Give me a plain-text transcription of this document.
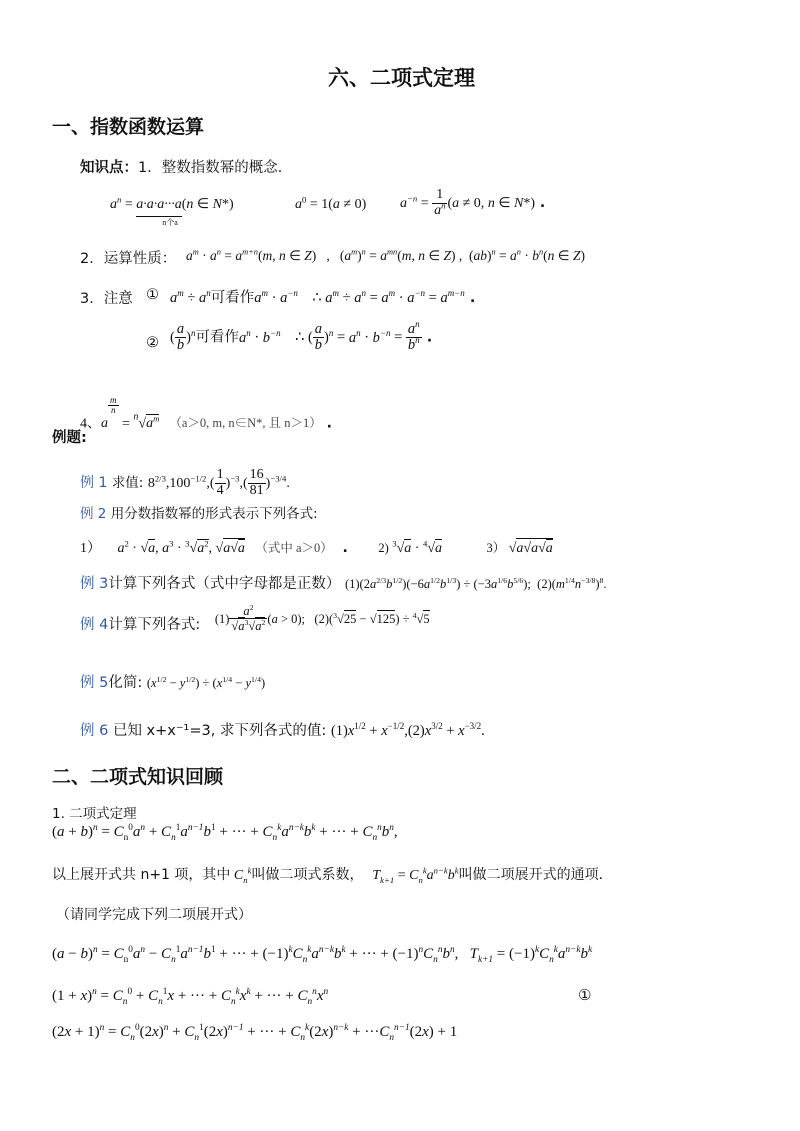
六、二项式定理
一、指数函数运算
知识点：1．整数指数幂的概念．
$a^n = a\cdot a\cdot a\cdot\cdot\cdot a$
n个a
(n ∈ N*)	$a^0 = 1(a \ne 0) a^{-n} = \frac{1}{a^n} (a \ne 0$, n ∈ N*) .
2．运算性质： $a^m \cdot a^n = a^{m+n}(m$, n ∈ Z)   ,   $(a^m)^n = a^{mn}(m$, n ∈ Z) ,  $(ab)^n = a^n \cdot b^n(n$ ∈ Z)
3．注意 ① $a^m \div a^n$可看作$a^m \cdot a^{-n}$    ∴ $a^m \div a^n = a^m \cdot a^{-n} = a^{m-n}$ .
② ( $\frac{a}{b} )^n$可看作$a^n \cdot b^{-n}$    ∴ ( $\frac{a}{b} )^n = a^n \cdot b^{-n} = \frac{a^n}{b^n}$ .
4、a
$\frac{m}{n}$
= $^n√a^m$ （a＞0, m, n∈N*, 且 n＞1） .
例题:
例 1 求值: $8^{2/3},100^{-1/2},( \frac{1}{4} )^{-3},( \frac{16}{81} )^{-3/4}$.
例 2 用分数指数幂的形式表示下列各式:
1） $a^2 \cdot √a$, $a^3 \cdot ^3√a^2$, √a√a （式中 a＞0）  . 2) $^3$√a · $^4$√a	3） √a√a√a
例 3计算下列各式（式中字母都是正数） $(1)(2a^{2/3}b^{1/2})(-6a^{1/2}b^{1/3}) \div (-3a^{1/6}b^{5/6})$;  $(2)(m^{1/4}n^{-3/8})^8$.
例 4计算下列各式: $(1) \frac{a^2}{√a^3√a^2} (a > 0)$;   (2)($^3$√25 − √125) ÷ $^4$√5
例 5化简: $(x^{1/2} - y^{1/2}) \div (x^{1/4} - y^{1/4})$
例 6 已知 x+x⁻¹=3, 求下列各式的值: $(1)x^{1/2} + x^{-1/2},(2)x^{3/2} + x^{-3/2}$.
二、二项式知识回顾
1. 二项式定理
$(a + b)^n = C_n^0a^n + C_n^1a^{n-1}b^1$ + ··· + $C_n^ka^{n-k}b^k$ + ··· + $C_n^nb^n$,
以上展开式共 n+1 项，其中 $C_n^k$叫做二项式系数， $T_{k+1} = C_n^ka^{n-k}b^k$叫做二项展开式的通项.
（请同学完成下列二项展开式）
$(a - b)^n = C_n^0a^n - C_n^1a^{n-1}b^1$ + ··· + $(-1)^kC_n^ka^{n-k}b^k$ + ··· + $(-1)^nC_n^nb^n$,   $T_{k+1} = (-1)^kC_n^ka^{n-k}b^k$
$(1 + x)^n = C_n^0 + C_n^1x$ + ··· + $C_n^kx^k$ + ··· + $C_n^nx^n$	①
$(2x + 1)^n = C_n^0(2x)^n + C_n^1(2x)^{n-1}$ + ··· + $C_n^k(2x)^{n-k} + \cdot\cdot\cdot C_n^{n-1}(2x) + 1$
